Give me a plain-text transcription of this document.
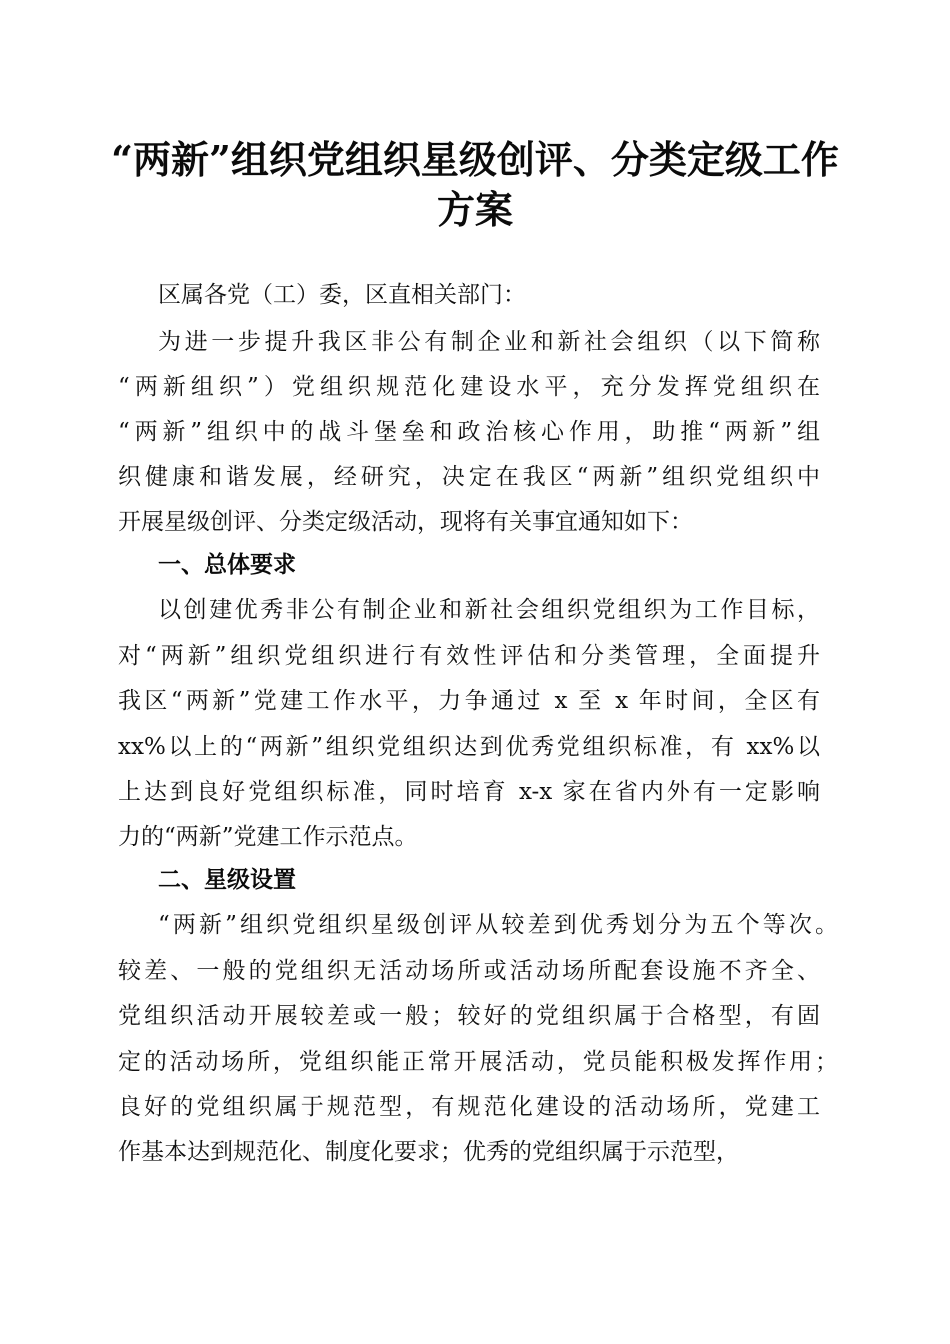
“两新”组织党组织星级创评、分类定级工作
方案
区属各党（工）委，区直相关部门：
为进一步提升我区非公有制企业和新社会组织（以下简称
“两新组织”）党组织规范化建设水平，充分发挥党组织在
“两新”组织中的战斗堡垒和政治核心作用，助推“两新”组
织健康和谐发展，经研究，决定在我区“两新”组织党组织中
开展星级创评、分类定级活动，现将有关事宜通知如下：
一、总体要求
以创建优秀非公有制企业和新社会组织党组织为工作目标，
对“两新”组织党组织进行有效性评估和分类管理，全面提升
我区“两新”党建工作水平，力争通过 x 至 x 年时间，全区有
xx%以上的“两新”组织党组织达到优秀党组织标准，有 xx%以
上达到良好党组织标准，同时培育 x-x 家在省内外有一定影响
力的“两新”党建工作示范点。
二、星级设置
“两新”组织党组织星级创评从较差到优秀划分为五个等次。
较差、一般的党组织无活动场所或活动场所配套设施不齐全、
党组织活动开展较差或一般；较好的党组织属于合格型，有固
定的活动场所，党组织能正常开展活动，党员能积极发挥作用；
良好的党组织属于规范型，有规范化建设的活动场所，党建工
作基本达到规范化、制度化要求；优秀的党组织属于示范型，
